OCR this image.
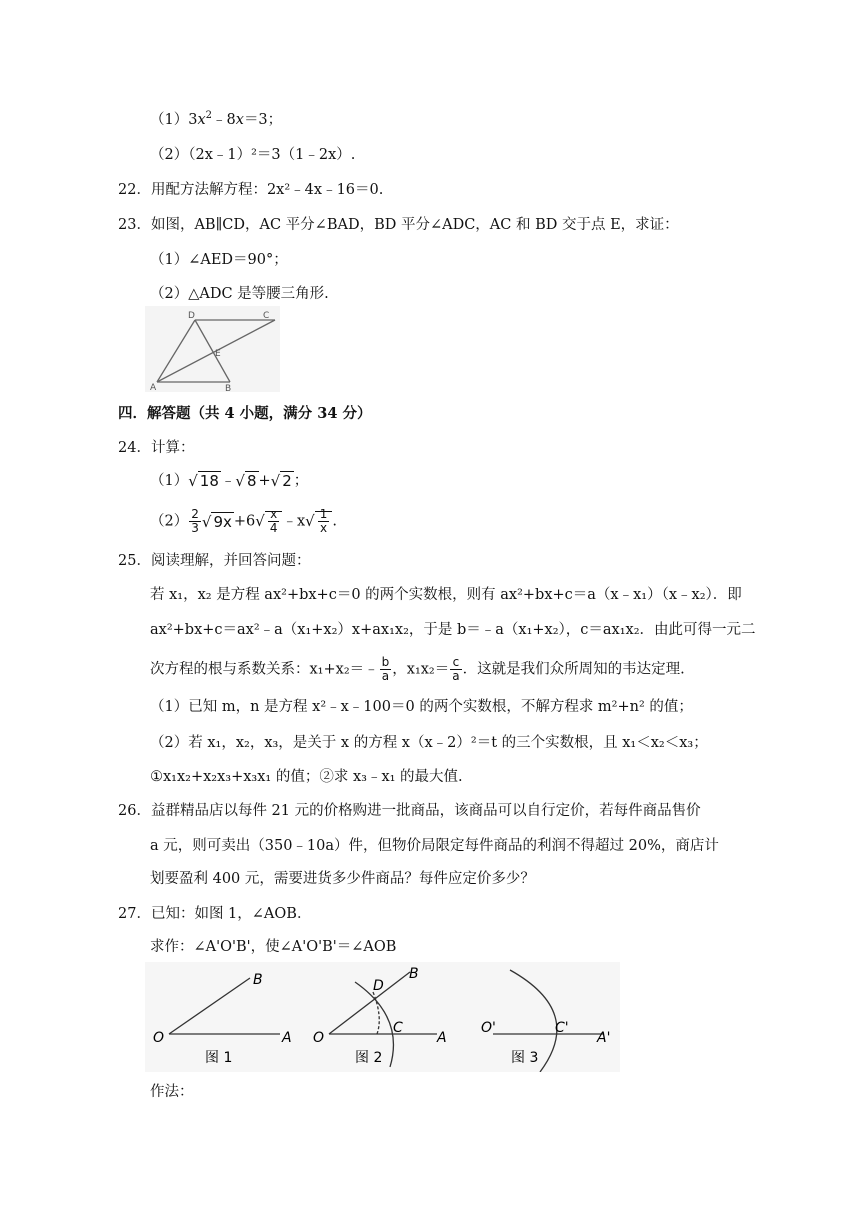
$(1)3x^2﹣8x=3$；
（2）（2x﹣1）²＝3（1﹣2x）.
22．用配方法解方程：2x²﹣4x﹣16＝0.
23．如图，AB∥CD，AC 平分∠BAD，BD 平分∠ADC，AC 和 BD 交于点 E，求证：
（1）∠AED＝90°；
（2）△ADC 是等腰三角形.
D	C
E
A	B
四．解答题（共 4 小题，满分 34 分）
24．计算：
（1）√ 18 ﹣√ 8 +√ 2 ；
$(2) \frac{2}{3}$ √ $9x +6√ \frac{x}{4}$ ﹣x√ $\frac{1}{x}$ .
25．阅读理解，并回答问题：
若 x₁，x₂ 是方程 ax²+bx+c＝0 的两个实数根，则有 ax²+bx+c＝a（x﹣x₁）（x﹣x₂）．即
ax²+bx+c＝ax²﹣a（x₁+x₂）x+ax₁x₂，于是 b＝﹣a（x₁+x₂），c＝ax₁x₂．由此可得一元二
次方程的根与系数关系：x₁+x₂＝﹣ $\frac{b}{a}$ ，$x_1x_2= \frac{c}{a}$ ．这就是我们众所周知的韦达定理.
（1）已知 m，n 是方程 x²﹣x﹣100＝0 的两个实数根，不解方程求 m²+n² 的值；
（2）若 x₁，x₂，x₃，是关于 x 的方程 x（x﹣2）²＝t 的三个实数根，且 x₁＜x₂＜x₃；
①x₁x₂+x₂x₃+x₃x₁ 的值；②求 x₃﹣x₁ 的最大值.
26．益群精品店以每件 21 元的价格购进一批商品，该商品可以自行定价，若每件商品售价
a 元，则可卖出（350﹣10a）件，但物价局限定每件商品的利润不得超过 20%，商店计
划要盈利 400 元，需要进货多少件商品？每件应定价多少？
27．已知：如图 1，∠AOB．
求作：∠A'O'B'，使∠A'O'B'＝∠AOB
B
O	A
图 1
D
B
O
C
A
图 2
O'	C'
A'
图 3
作法：
